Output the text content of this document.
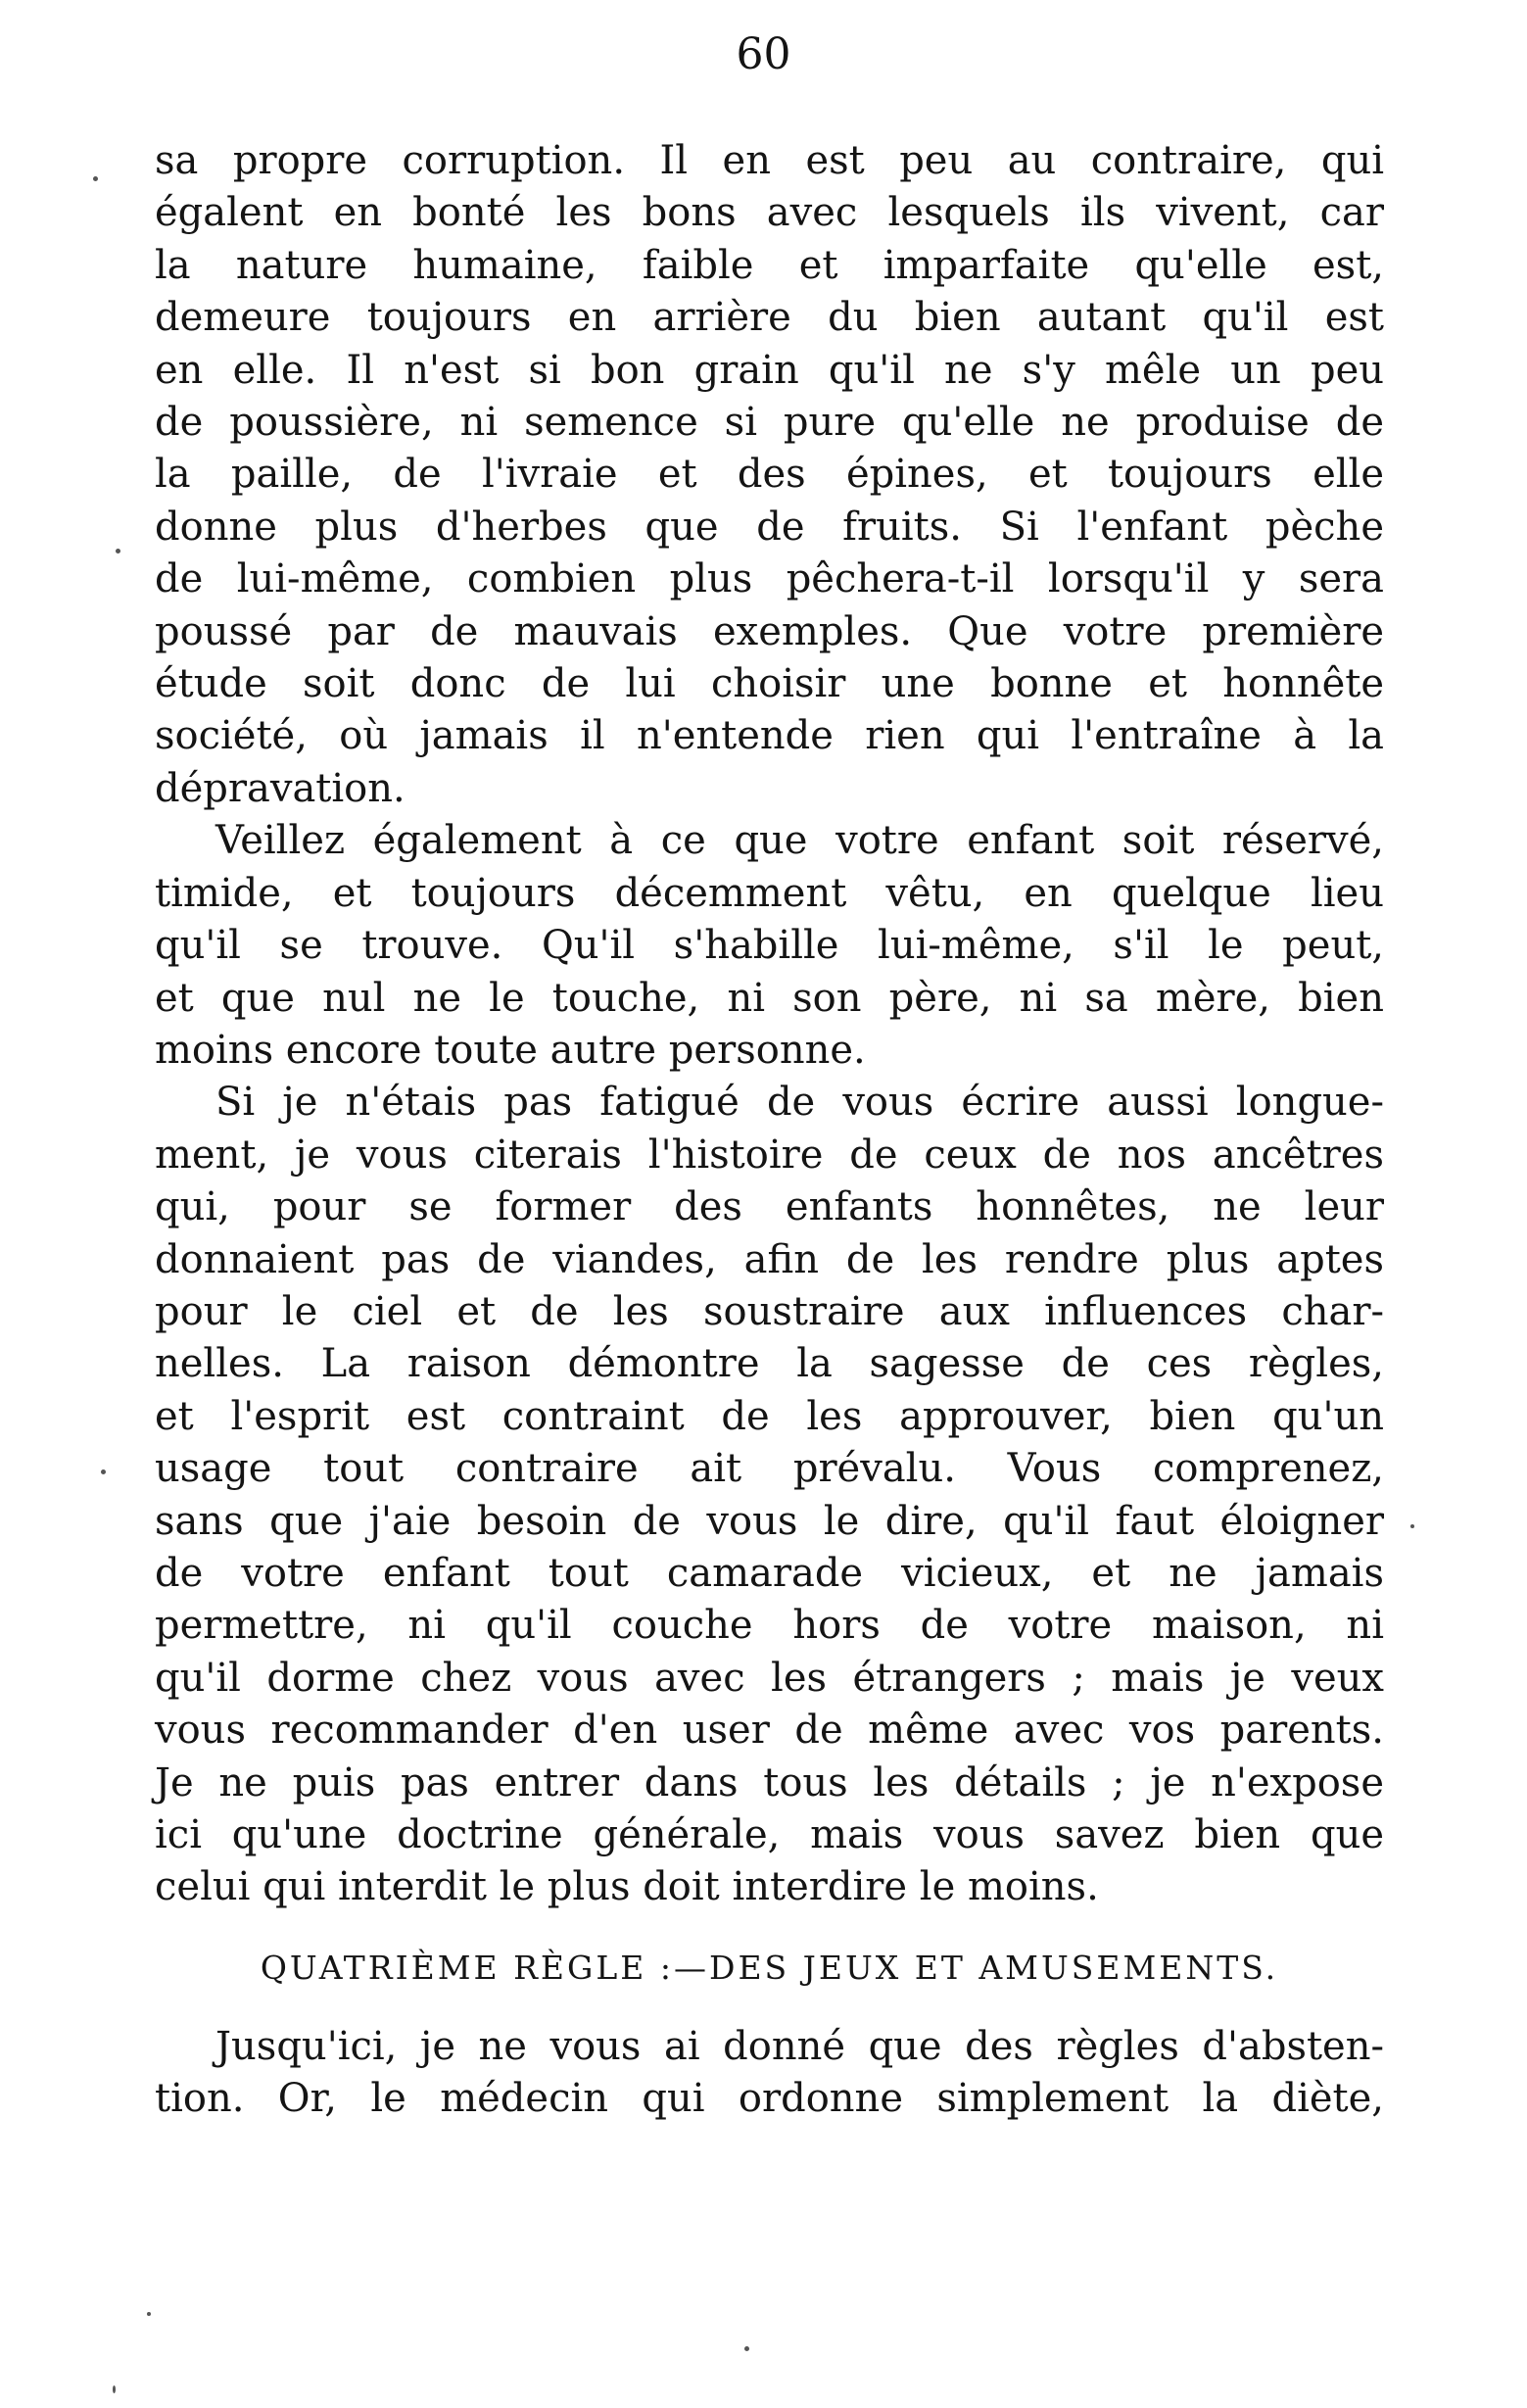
60
sa propre corruption. Il en est peu au contraire, qui
égalent en bonté les bons avec lesquels ils vivent, car
la nature humaine, faible et imparfaite qu'elle est,
demeure toujours en arrière du bien autant qu'il est
en elle. Il n'est si bon grain qu'il ne s'y mêle un peu
de poussière, ni semence si pure qu'elle ne produise de
la paille, de l'ivraie et des épines, et toujours elle
donne plus d'herbes que de fruits. Si l'enfant pèche
de lui-même, combien plus pêchera-t-il lorsqu'il y sera
poussé par de mauvais exemples. Que votre première
étude soit donc de lui choisir une bonne et honnête
société, où jamais il n'entende rien qui l'entraîne à la
dépravation.
Veillez également à ce que votre enfant soit réservé,
timide, et toujours décemment vêtu, en quelque lieu
qu'il se trouve. Qu'il s'habille lui-même, s'il le peut,
et que nul ne le touche, ni son père, ni sa mère, bien
moins encore toute autre personne.
Si je n'étais pas fatigué de vous écrire aussi longue-
ment, je vous citerais l'histoire de ceux de nos ancêtres
qui, pour se former des enfants honnêtes, ne leur
donnaient pas de viandes, afin de les rendre plus aptes
pour le ciel et de les soustraire aux influences char-
nelles. La raison démontre la sagesse de ces règles,
et l'esprit est contraint de les approuver, bien qu'un
usage tout contraire ait prévalu. Vous comprenez,
sans que j'aie besoin de vous le dire, qu'il faut éloigner
de votre enfant tout camarade vicieux, et ne jamais
permettre, ni qu'il couche hors de votre maison, ni
qu'il dorme chez vous avec les étrangers ; mais je veux
vous recommander d'en user de même avec vos parents.
Je ne puis pas entrer dans tous les détails ; je n'expose
ici qu'une doctrine générale, mais vous savez bien que
celui qui interdit le plus doit interdire le moins.
QUATRIÈME RÈGLE :—DES JEUX ET AMUSEMENTS.
Jusqu'ici, je ne vous ai donné que des règles d'absten-
tion. Or, le médecin qui ordonne simplement la diète,
